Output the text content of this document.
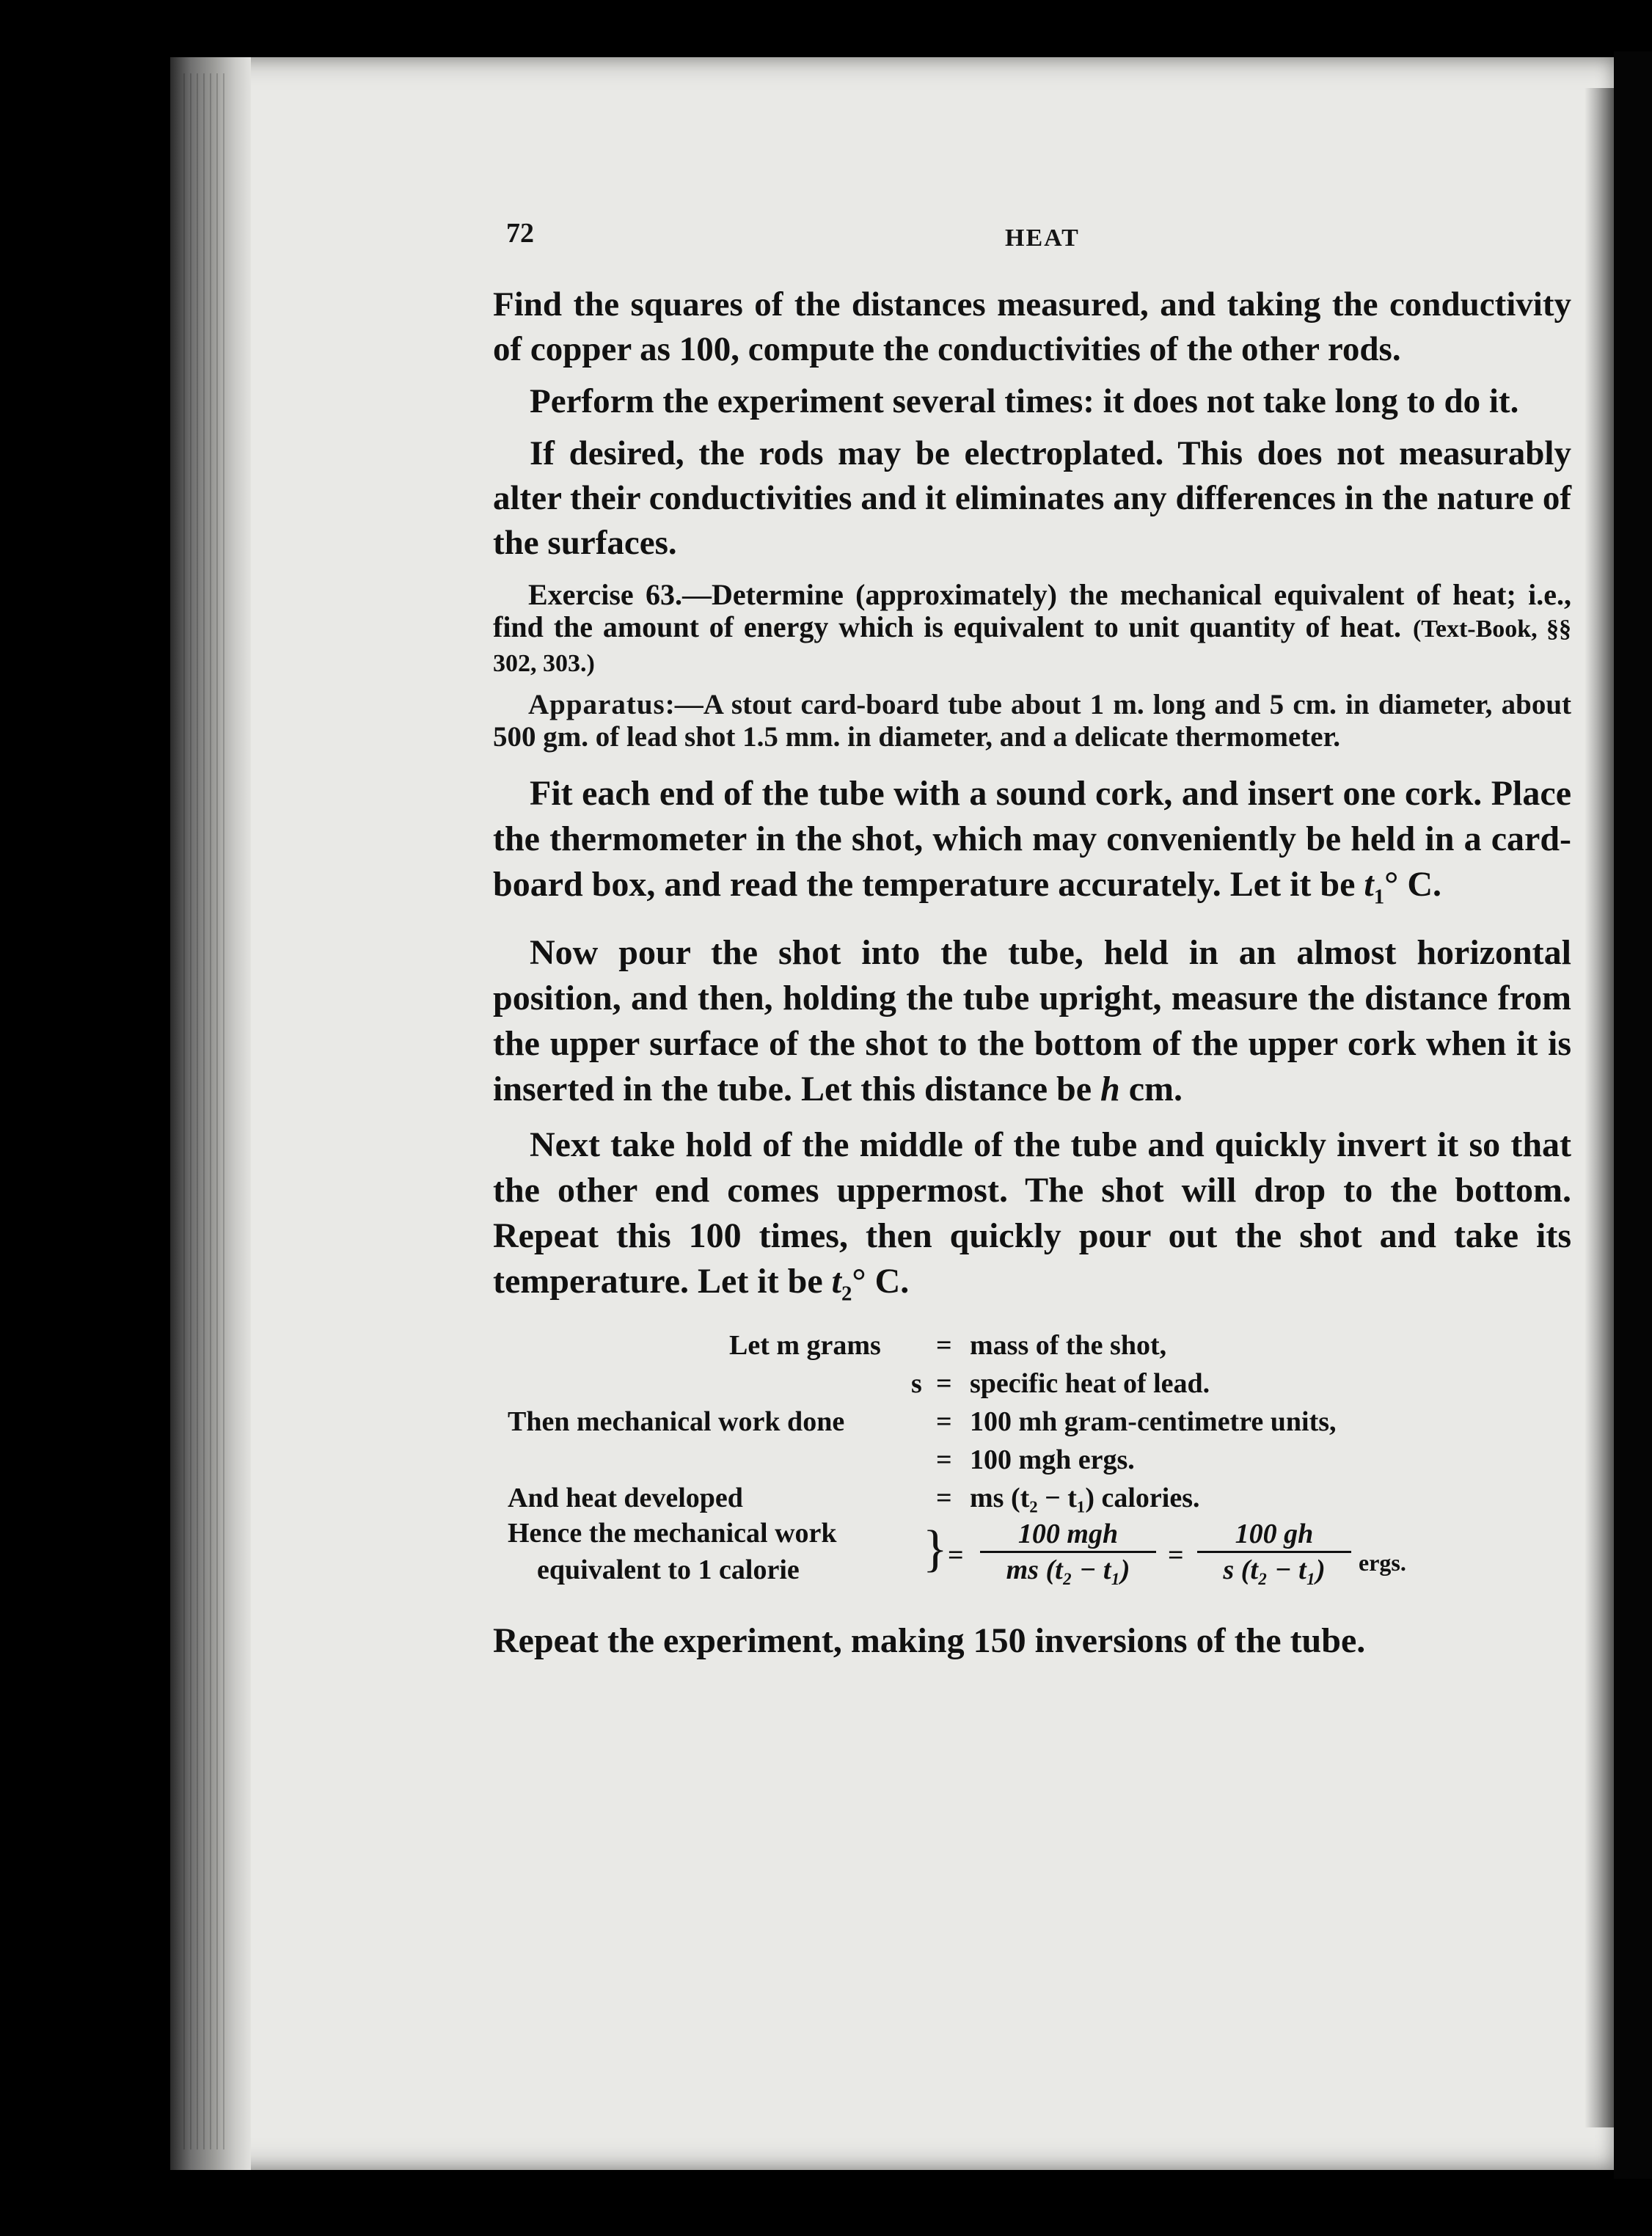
72	HEAT

Find the squares of the distances measured, and taking the conductivity of copper as 100, compute the conductivities of the other rods.

Perform the experiment several times: it does not take long to do it.

If desired, the rods may be electroplated. This does not measurably alter their conductivities and it eliminates any differences in the nature of the surfaces.

Exercise 63.—Determine (approximately) the mechanical equivalent of heat; i.e., find the amount of energy which is equivalent to unit quantity of heat. (Text-Book, §§ 302, 303.)

Apparatus:—A stout card-board tube about 1 m. long and 5 cm. in diameter, about 500 gm. of lead shot 1.5 mm. in diameter, and a delicate thermometer.

Fit each end of the tube with a sound cork, and insert one cork. Place the thermometer in the shot, which may conveniently be held in a card-board box, and read the temperature accurately. Let it be $t_1^\circ$ C.

Now pour the shot into the tube, held in an almost horizontal position, and then, holding the tube upright, measure the distance from the upper surface of the shot to the bottom of the upper cork when it is inserted in the tube. Let this distance be h cm.

Next take hold of the middle of the tube and quickly invert it so that the other end comes uppermost. The shot will drop to the bottom. Repeat this 100 times, then quickly pour out the shot and take its temperature. Let it be $t_2^\circ$ C.

Let m grams = mass of the shot,
s = specific heat of lead.
Then mechanical work done	= 100 mh gram-centimetre units,
= 100 mgh ergs.
And heat developed	= ms (t₂ − t₁) calories.
Hence the mechanical work
equivalent to 1 calorie } =
100 mgh
ms (t₂ − t₁)	= $\frac{100 gh}{\text{s (t₂ − t₁)}}$ ergs.

Repeat the experiment, making 150 inversions of the tube.
